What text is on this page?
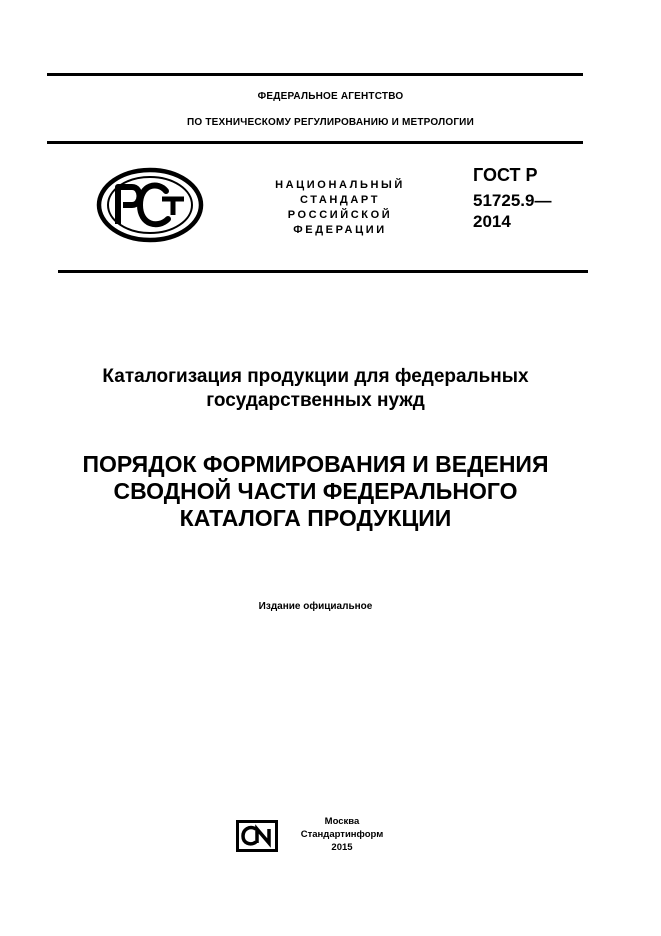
ФЕДЕРАЛЬНОЕ АГЕНТСТВО
ПО ТЕХНИЧЕСКОМУ РЕГУЛИРОВАНИЮ И МЕТРОЛОГИИ
РСТ
НАЦИОНАЛЬНЫЙ
СТАНДАРТ
РОССИЙСКОЙ
ФЕДЕРАЦИИ
ГОСТ Р
51725.9—
2014
Каталогизация продукции для федеральных
государственных нужд
ПОРЯДОК ФОРМИРОВАНИЯ И ВЕДЕНИЯ
СВОДНОЙ ЧАСТИ ФЕДЕРАЛЬНОГО
КАТАЛОГА ПРОДУКЦИИ
Издание официальное
СИ
Москва
Стандартинформ
2015
